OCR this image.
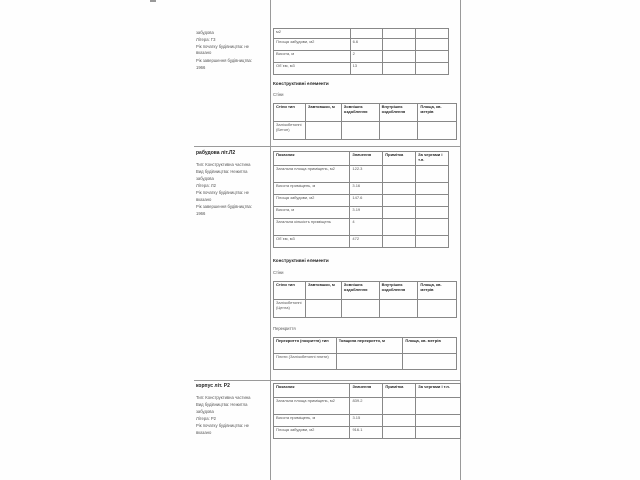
забудова
Літера: Г3
Рік початку будівництва: не
вказано
Рік завершення будівництва:
1966
м2			
Площа забудови, м2	6.6		
Висота, м	2		
Об`єм, м3	13		
Конструктивні елементи
Стіни
Стіни тип	Завтовшки, м	Зовнішнє оздоблення	Внутрішнє оздоблення	Площа, кв. метрів
Залізобетонні (Бетон)				
рабудова літ.Л2
Тип: Конструктивна частина
Вид будівництва: Нежитла
забудова
Літера: Л2
Рік початку будівництва: не
вказано
Рік завершення будівництва:
1966
Показник	Значення	Примітка	За чергами і т.п.
Загальна площа приміщень, м2	122.3		
Висота приміщень, м	3.16		
Площа забудови, м2	147.6		
Висота, м	3.19		
Загальна кількість приміщень	4		
Об`єм, м3	472		
Конструктивні елементи
Стіни
Стіни тип	Завтовшки, м	Зовнішнє оздоблення	Внутрішнє оздоблення	Площа, кв. метрів
Залізобетонні (Цегла)				
Перекриття
Перекриття (покриття) тип	Товщина перекриття, м	Площа, кв. метрів
Плити (Залізобетонні плити)		
корпус літ. Р2
Тип: Конструктивна частина
Вид будівництва: Нежитла
забудова
Літера: Р2
Рік початку будівництва: не
вказано
Показник	Значення	Примітка	За чергами і т.п.
Загальна площа приміщень, м2	839.2		
Висота приміщень, м	3.15		
Площа забудови, м2	916.1		
